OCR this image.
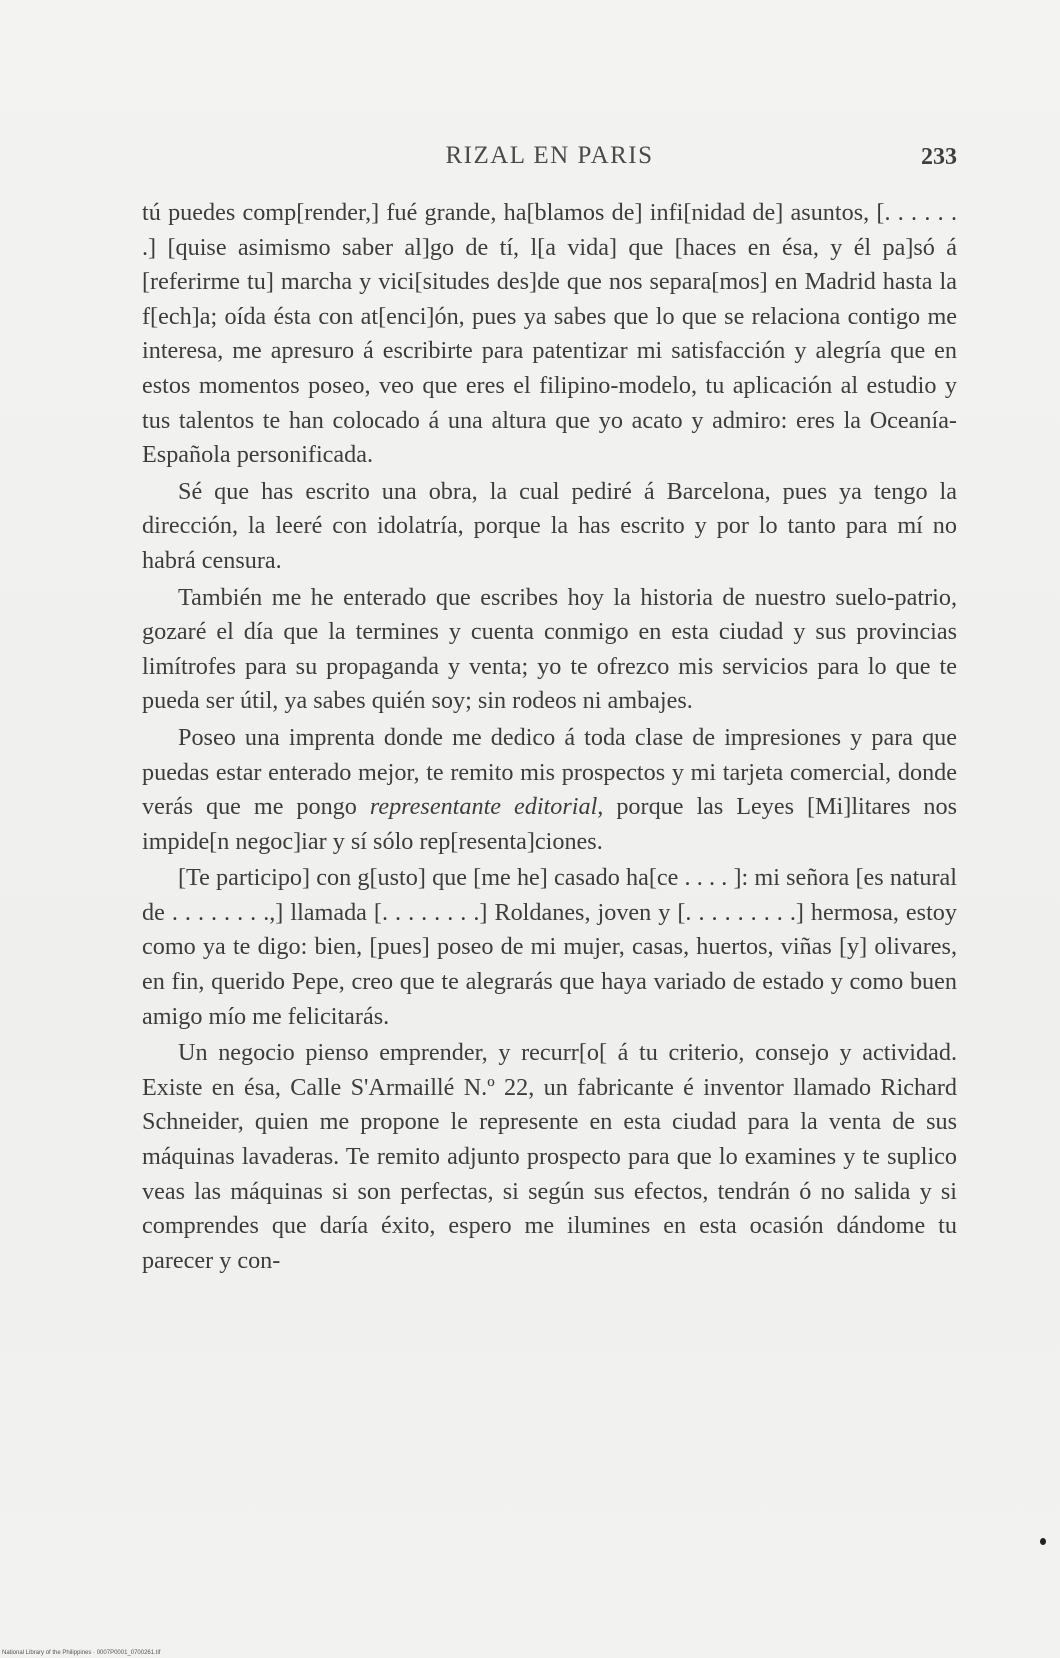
RIZAL EN PARIS	233

tú puedes comp[render,] fué grande, ha[blamos de] infi[nidad de] asuntos, [. . . . . . .] [quise asimismo saber al]go de tí, l[a vida] que [haces en ésa, y él pa]só á [referirme tu] marcha y vici[situdes des]de que nos separa[mos] en Madrid hasta la f[ech]a; oída ésta con at[enci]ón, pues ya sabes que lo que se relaciona contigo me interesa, me apresuro á escribirte para patentizar mi satisfacción y alegría que en estos momentos poseo, veo que eres el filipino-modelo, tu aplicación al estudio y tus talentos te han colocado á una altura que yo acato y admiro: eres la Oceanía-Española personificada.

Sé que has escrito una obra, la cual pediré á Barcelona, pues ya tengo la dirección, la leeré con idolatría, porque la has escrito y por lo tanto para mí no habrá censura.

También me he enterado que escribes hoy la historia de nuestro suelo-patrio, gozaré el día que la termines y cuenta conmigo en esta ciudad y sus provincias limítrofes para su propaganda y venta; yo te ofrezco mis servicios para lo que te pueda ser útil, ya sabes quién soy; sin rodeos ni ambajes.

Poseo una imprenta donde me dedico á toda clase de impresiones y para que puedas estar enterado mejor, te remito mis prospectos y mi tarjeta comercial, donde verás que me pongo representante editorial, porque las Leyes [Mi]litares nos impide[n negoc]iar y sí sólo rep[resenta]ciones.

[Te participo] con g[usto] que [me he] casado ha[ce . . . . ]: mi señora [es natural de . . . . . . . .,] llamada [. . . . . . . .] Roldanes, joven y [. . . . . . . . .] hermosa, estoy como ya te digo: bien, [pues] poseo de mi mujer, casas, huertos, viñas [y] olivares, en fin, querido Pepe, creo que te alegrarás que haya variado de estado y como buen amigo mío me felicitarás.

Un negocio pienso emprender, y recurr[o[ á tu criterio, consejo y actividad. Existe en ésa, Calle S'Armaillé N.º 22, un fabricante é inventor llamado Richard Schneider, quien me propone le represente en esta ciudad para la venta de sus máquinas lavaderas. Te remito adjunto prospecto para que lo examines y te suplico veas las máquinas si son perfectas, si según sus efectos, tendrán ó no salida y si comprendes que daría éxito, espero me ilumines en esta ocasión dándome tu parecer y con-

National Library of the Philippines · 0007P0001_0700261.tif
